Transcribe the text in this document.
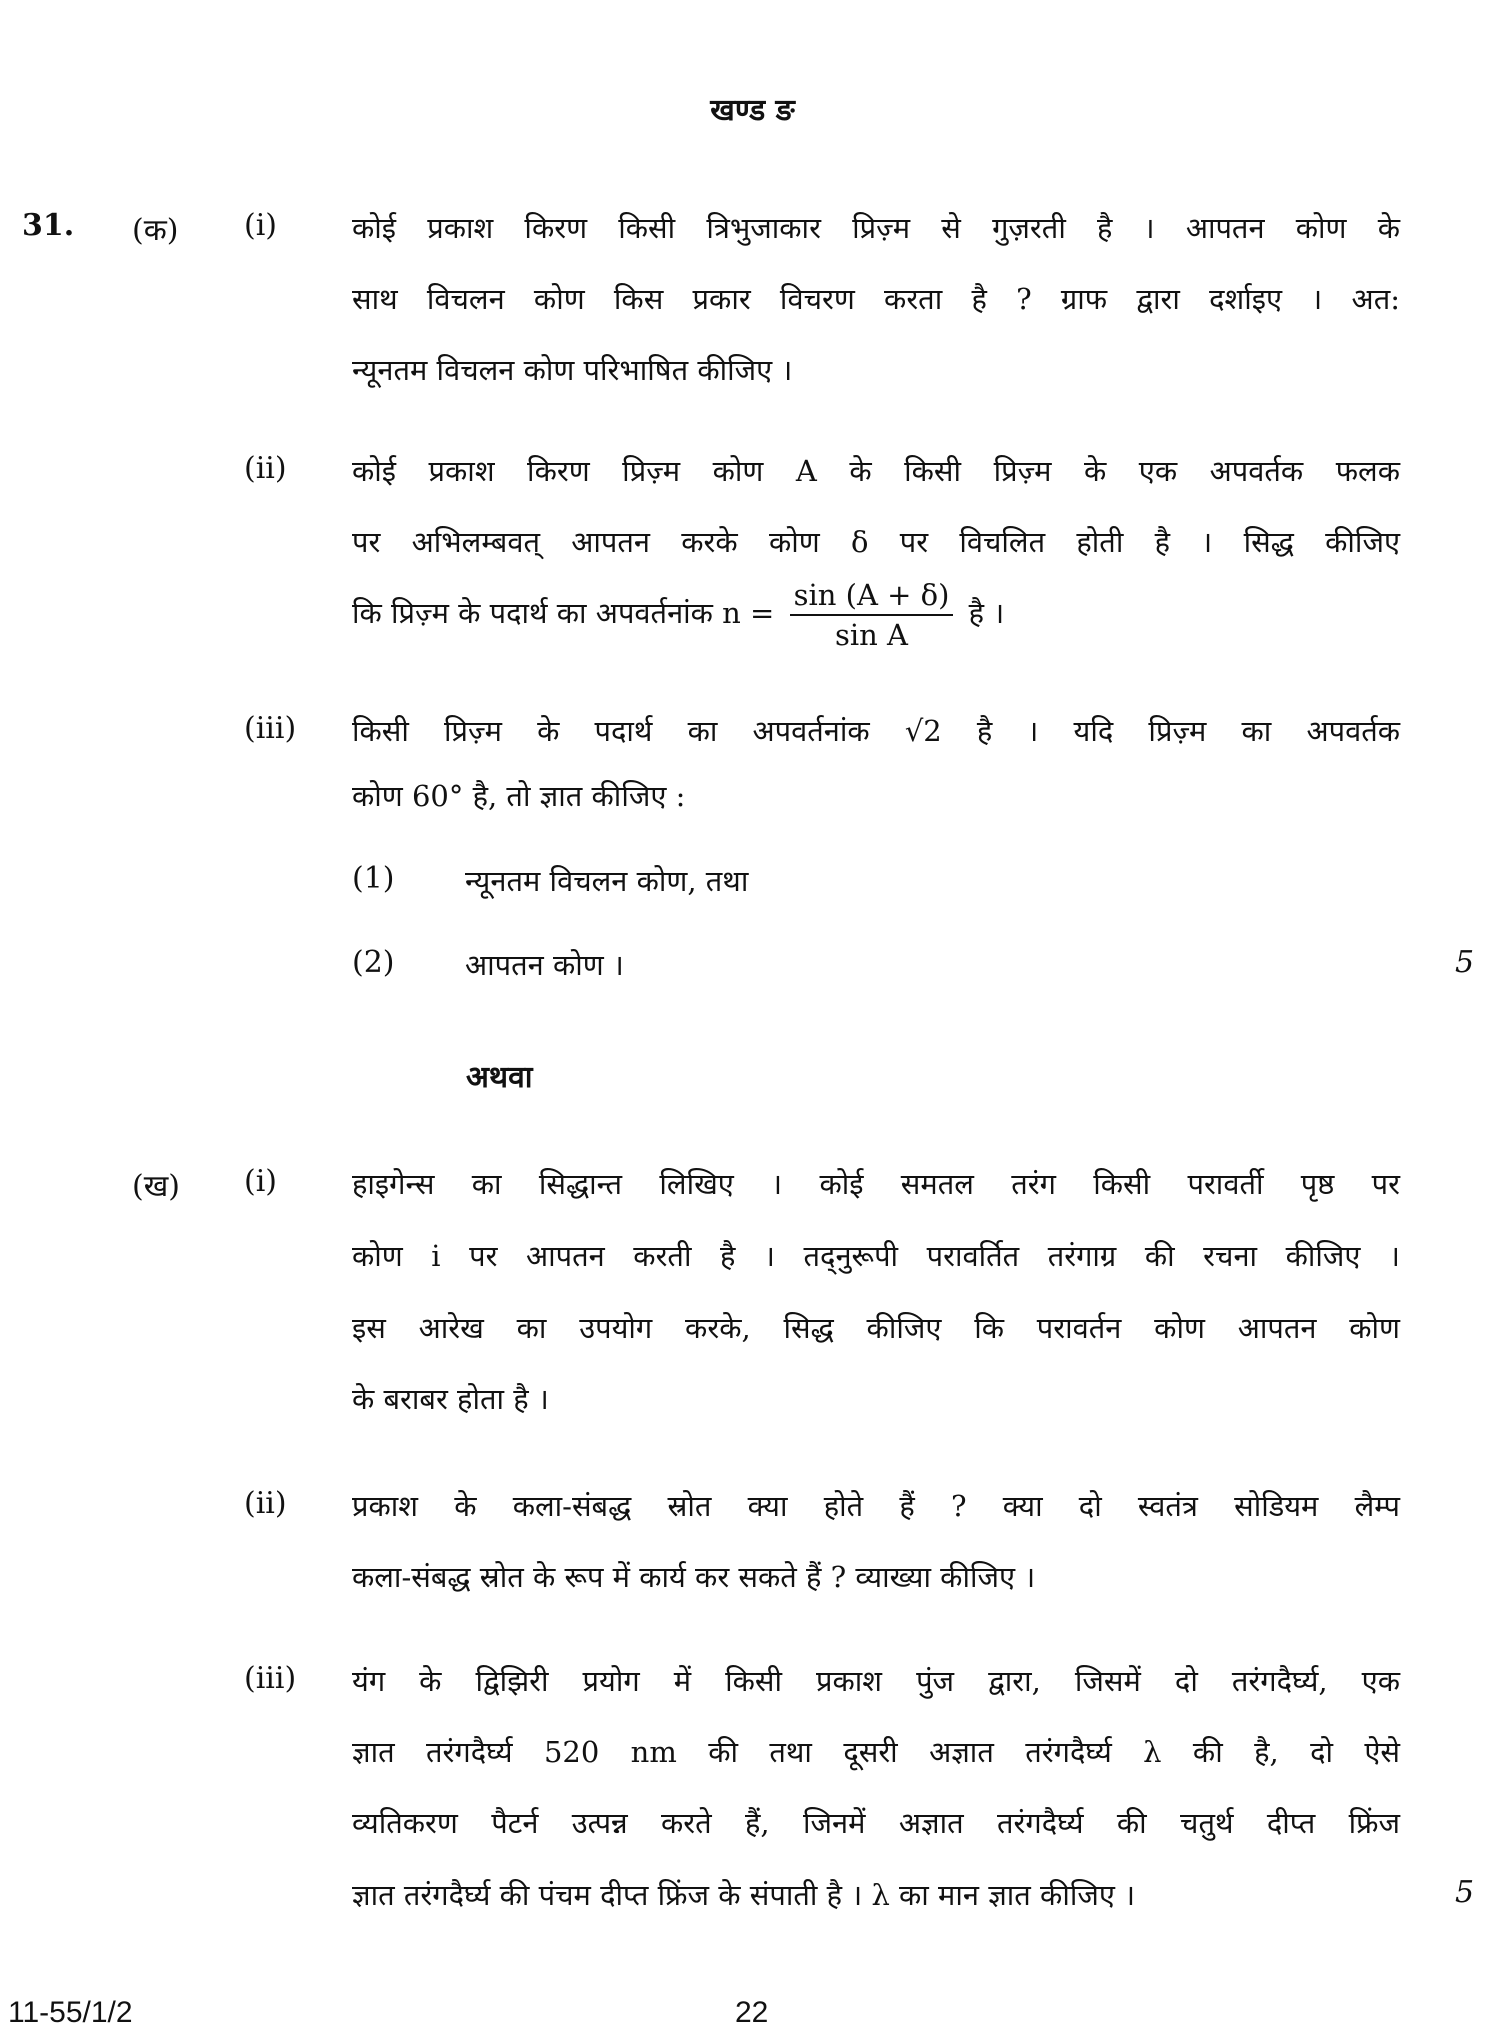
खण्ड ङ
31. (क) (i)	कोई प्रकाश किरण किसी त्रिभुजाकार प्रिज़्म से गुज़रती है । आपतन कोण के
साथ विचलन कोण किस प्रकार विचरण करता है ? ग्राफ द्वारा दर्शाइए । अत:
न्यूनतम विचलन कोण परिभाषित कीजिए ।
(ii) कोई प्रकाश किरण प्रिज़्म कोण A के किसी प्रिज़्म के एक अपवर्तक फलक
पर अभिलम्बवत् आपतन करके कोण δ पर विचलित होती है । सिद्ध कीजिए
कि प्रिज़्म के पदार्थ का अपवर्तनांक $n = \frac{\sin (A + \delta)}{\text{sin A}}$ है ।
(iii) किसी प्रिज़्म के पदार्थ का अपवर्तनांक √2 है । यदि प्रिज़्म का अपवर्तक
कोण 60° है, तो ज्ञात कीजिए :
(1) न्यूनतम विचलन कोण, तथा
(2) आपतन कोण ।	5
अथवा
(ख) (i)	हाइगेन्स का सिद्धान्त लिखिए । कोई समतल तरंग किसी परावर्ती पृष्ठ पर
कोण i पर आपतन करती है । तद्नुरूपी परावर्तित तरंगाग्र की रचना कीजिए ।
इस आरेख का उपयोग करके, सिद्ध कीजिए कि परावर्तन कोण आपतन कोण
के बराबर होता है ।
(ii) प्रकाश के कला-संबद्ध स्रोत क्या होते हैं ? क्या दो स्वतंत्र सोडियम लैम्प
कला-संबद्ध स्रोत के रूप में कार्य कर सकते हैं ? व्याख्या कीजिए ।
(iii) यंग के द्विझिरी प्रयोग में किसी प्रकाश पुंज द्वारा, जिसमें दो तरंगदैर्घ्य, एक
ज्ञात तरंगदैर्घ्य 520 nm की तथा दूसरी अज्ञात तरंगदैर्घ्य λ की है, दो ऐसे
व्यतिकरण पैटर्न उत्पन्न करते हैं, जिनमें अज्ञात तरंगदैर्घ्य की चतुर्थ दीप्त फ्रिंज
ज्ञात तरंगदैर्घ्य की पंचम दीप्त फ्रिंज के संपाती है । λ का मान ज्ञात कीजिए ।	5
11-55/1/2	22
